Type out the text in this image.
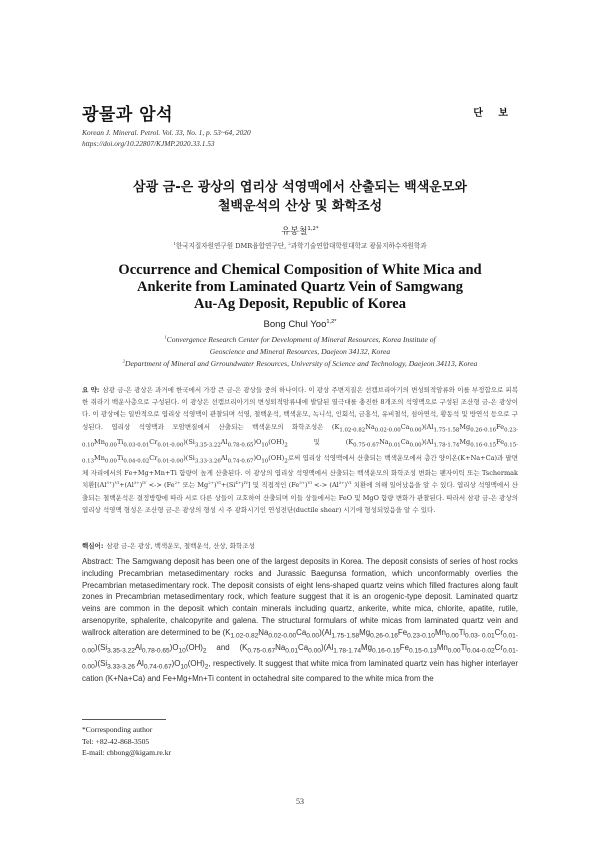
광물과 암석	단 보
Korean J. Mineral. Petrol. Vol. 33, No. 1, p. 53~64, 2020
https://doi.org/10.22807/KJMP.2020.33.1.53
삼광 금-은 광상의 엽리상 석영맥에서 산출되는 백색운모와
철백운석의 산상 및 화학조성
유봉철$^{1,2*}$
$^1$한국지질자원연구원 DMR융합연구단, $^2$과학기술연합대학원대학교 광물지하수자원학과
Occurrence and Chemical Composition of White Mica and
Ankerite from Laminated Quartz Vein of Samgwang
Au-Ag Deposit, Republic of Korea
Bong Chul Yoo$^{1,2*}$
$^1$Convergence Research Center for Development of Mineral Resources, Korea Institute of
Geoscience and Mineral Resources, Daejeon 34132, Korea
$^2$Department of Mineral and Grroundwater Resources, University of Science and Technology, Daejeon 34113, Korea
요 약: 삼광 금-은 광상은 과거에 한국에서 가장 큰 금-은 광상들 중의 하나이다. 이 광상 주변지질은 선캠브리아기의 변성퇴적암류와 이를 부정합으로 피복한 쥐라기 백운사층으로 구성된다. 이 광상은 선캠브리아기의 변성퇴적암류내에 발달된 열극대를 충진한 8개조의 석영맥으로 구성된 조산형 금-은 광상이다. 이 광상에는 일반적으로 엽리상 석영맥이 관찰되며 석영, 철백운석, 백색운모, 녹니석, 인회석, 금홍석, 유비철석, 섬아연석, 황동석 및 방연석 등으로 구성된다. 엽리상 석영맥과 모암변질에서 산출되는 백색운모의 화학조성은 $(K_{1.02-0.82}Na_{0.02-0.00}Ca_{0.00})(Al_{1.75-1.58}Mg_{0.26-0.16}Fe_{0.23-0.10}Mn_{0.00}Ti_{0.03-0.01}Cr_{0.01-0.00})(Si_{3.35-3.22}Al_{0.78-0.65})O_{10}(OH)_2$ 및 $(K_{0.75-0.67}Na_{0.01}Ca_{0.00})(Al_{1.78-1.74}Mg_{0.16-0.15}Fe_{0.15-0.13}Mn_{0.00}Ti_{0.04-0.02}Cr_{0.01-0.00})(Si_{3.33-3.26}Al_{0.74-0.67})O_{10}(OH)_2$로써 엽리상 석영맥에서 산출되는 백색운모에서 층간 양이온(K+Na+Ca)과 팔면체 자리에서의 Fe+Mg+Mn+Ti 함량이 높게 산출된다. 이 광상의 엽리상 석영맥에서 산출되는 백색운모의 화학조성 변화는 팬자이틱 또는 Tschermak 치환[$(Al^{3+})^{VI}+(Al^{3+})^{IV}$ <-> ($Fe^{2+}$ 또는 $Mg^{2+})^{VI}+(Si^{4+})^{IV}$] 및 직접적인 $(Fe^{3+})^{VI}$ <-> $(Al^{3+})^{VI}$ 치환에 의해 일어났음을 알 수 있다. 엽리상 석영맥에서 산출되는 철백운석은 결정방향에 따라 서로 다른 상들이 교호하여 산출되며 이들 상들에서는 FeO 및 MgO 함량 변화가 관찰된다. 따라서 삼광 금-은 광상의 엽리상 석영맥 형성은 조산형 금-은 광상의 형성 시 주 광화시기인 연성전단(ductile shear) 시기에 형성되었음을 알 수 있다.
핵심어: 삼광 금-은 광상, 백색운모, 철백운석, 산상, 화학조성
Abstract: The Samgwang deposit has been one of the largest deposits in Korea. The deposit consists of series of host rocks including Precambrian metasedimentary rocks and Jurassic Baegunsa formation, which unconformably overlies the Precambrian metasedimentary rock. The deposit consists of eight lens-shaped quartz veins which filled fractures along fault zones in Precambrian metasedimentary rock, which feature suggest that it is an orogenic-type deposit. Laminated quartz veins are common in the deposit which contain minerals including quartz, ankerite, white mica, chlorite, apatite, rutile, arsenopyrite, sphalerite, chalcopyrite and galena. The structural formulars of white micas from laminated quartz vein and wallrock alteration are determined to be $(K_{1.02-0.82}Na_{0.02-0.00}Ca_{0.00})(Al_{1.75-1.58}Mg_{0.26-0.16}Fe_{0.23-0.10}Mn_{0.00}Ti_{0.03- 0.01}Cr_{0.01-0.00})(Si_{3.35-3.22}Al_{0.78-0.65})O_{10}(OH)_2$ and $(K_{0.75-0.67}Na_{0.01}Ca_{0.00})(Al_{1.78-1.74}Mg_{0.16-0.15}Fe_{0.15-0.13}Mn_{0.00}Ti_{0.04-0.02}Cr_{0.01-0.00})(Si_{3.33-3.26}$ $Al_{0.74-0.67})O_{10}(OH)_2$, respectively. It suggest that white mica from laminated quartz vein has higher interlayer cation (K+Na+Ca) and Fe+Mg+Mn+Ti content in octahedral site compared to the white mica from the
*Corresponding author
Tel: +82-42-868-3505
E-mail: chbong@kigam.re.kr
53
